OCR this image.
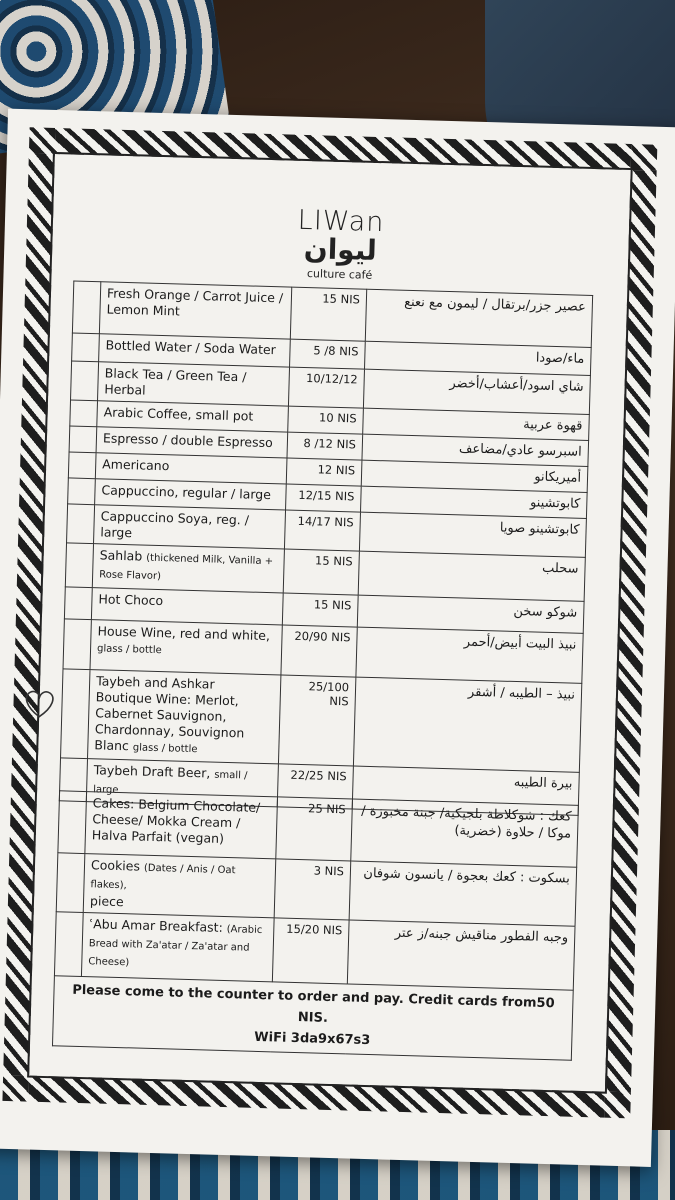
LIWan
ليوان
culture café
	Fresh Orange / Carrot Juice / Lemon Mint	15 NIS	عصير جزر/برتقال / ليمون مع نعنع
	Bottled Water / Soda Water	5 /8 NIS	ماء/صودا
	Black Tea / Green Tea / Herbal	10/12/12	شاي اسود/أعشاب/أخضر
	Arabic Coffee, small pot	10 NIS	قهوة عربية
	Espresso / double Espresso	8 /12 NIS	اسبرسو عادي/مضاعف
	Americano	12 NIS	أميريكانو
	Cappuccino, regular / large	12/15 NIS	كابوتشينو
	Cappuccino Soya, reg. / large	14/17 NIS	كابوتشينو صويا
	Sahlab (thickened Milk, Vanilla + Rose Flavor)	15 NIS	سحلب
	Hot Choco	15 NIS	شوكو سخن
	House Wine, red and white, glass / bottle	20/90 NIS	نبيذ البيت أبيض/أحمر
	Taybeh and Ashkar Boutique Wine: Merlot, Cabernet Sauvignon, Chardonnay, Souvignon Blanc glass / bottle	25/100 NIS	نبيذ – الطيبه / أشقر
	Taybeh Draft Beer, small / large	22/25 NIS	بيرة الطيبه
	Cakes: Belgium Chocolate/ Cheese/ Mokka Cream / Halva Parfait (vegan)	25 NIS	كعك : شوكلاطة بلجيكية/ جبنة مخبوزة / موكا / حلاوة (خضرية)
	Cookies (Dates / Anis / Oat flakes),
piece	3 NIS	بسكوت : كعك بعجوة / يانسون شوفان
	ʿAbu Amar Breakfast: (Arabic Bread with Za'atar / Za'atar and Cheese)	15/20 NIS	وجبه الفطور مناقيش جبنه/ز عتر

Please come to the counter to order and pay. Credit cards from50 NIS.
WiFi 3da9x67s3			
